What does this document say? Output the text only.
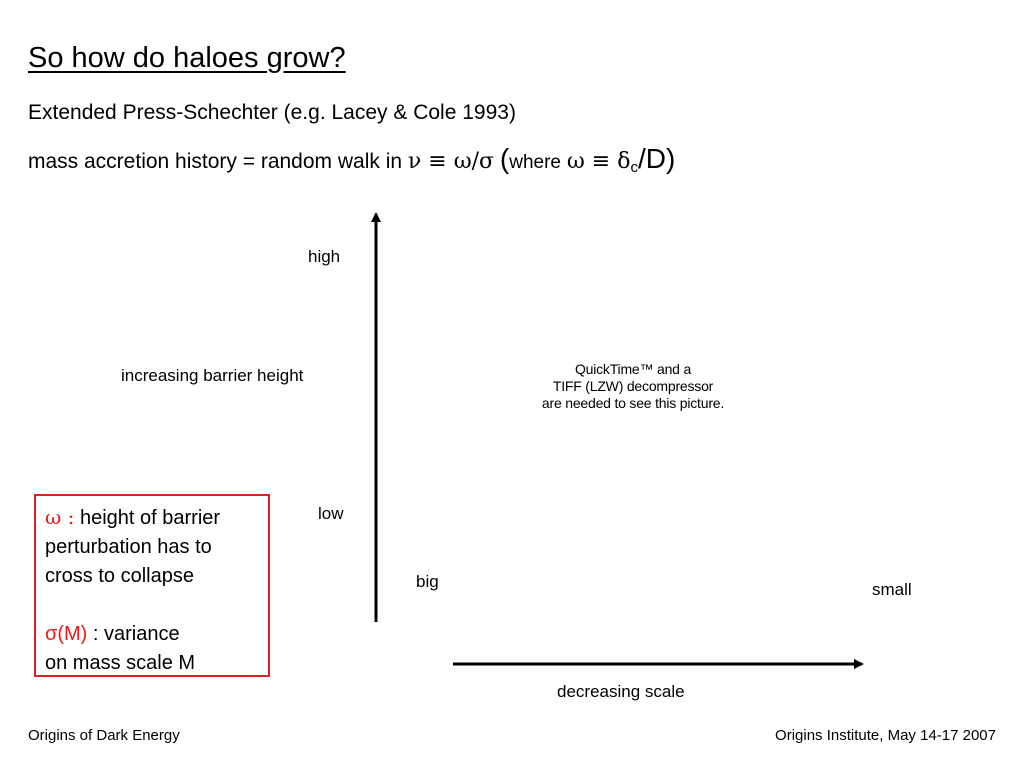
So how do haloes grow?
Extended Press-Schechter (e.g. Lacey & Cole 1993)
mass accretion history = random walk in ν ≡ ω/σ (where $\omega \equiv \delta_c/D$)
high
increasing barrier height
low
big	small
decreasing scale
QuickTime™ and a
TIFF (LZW) decompressor
are needed to see this picture.
ω : height of barrier
perturbation has to
cross to collapse
σ(M) : variance
on mass scale M
Origins of Dark Energy	Origins Institute, May 14-17 2007
